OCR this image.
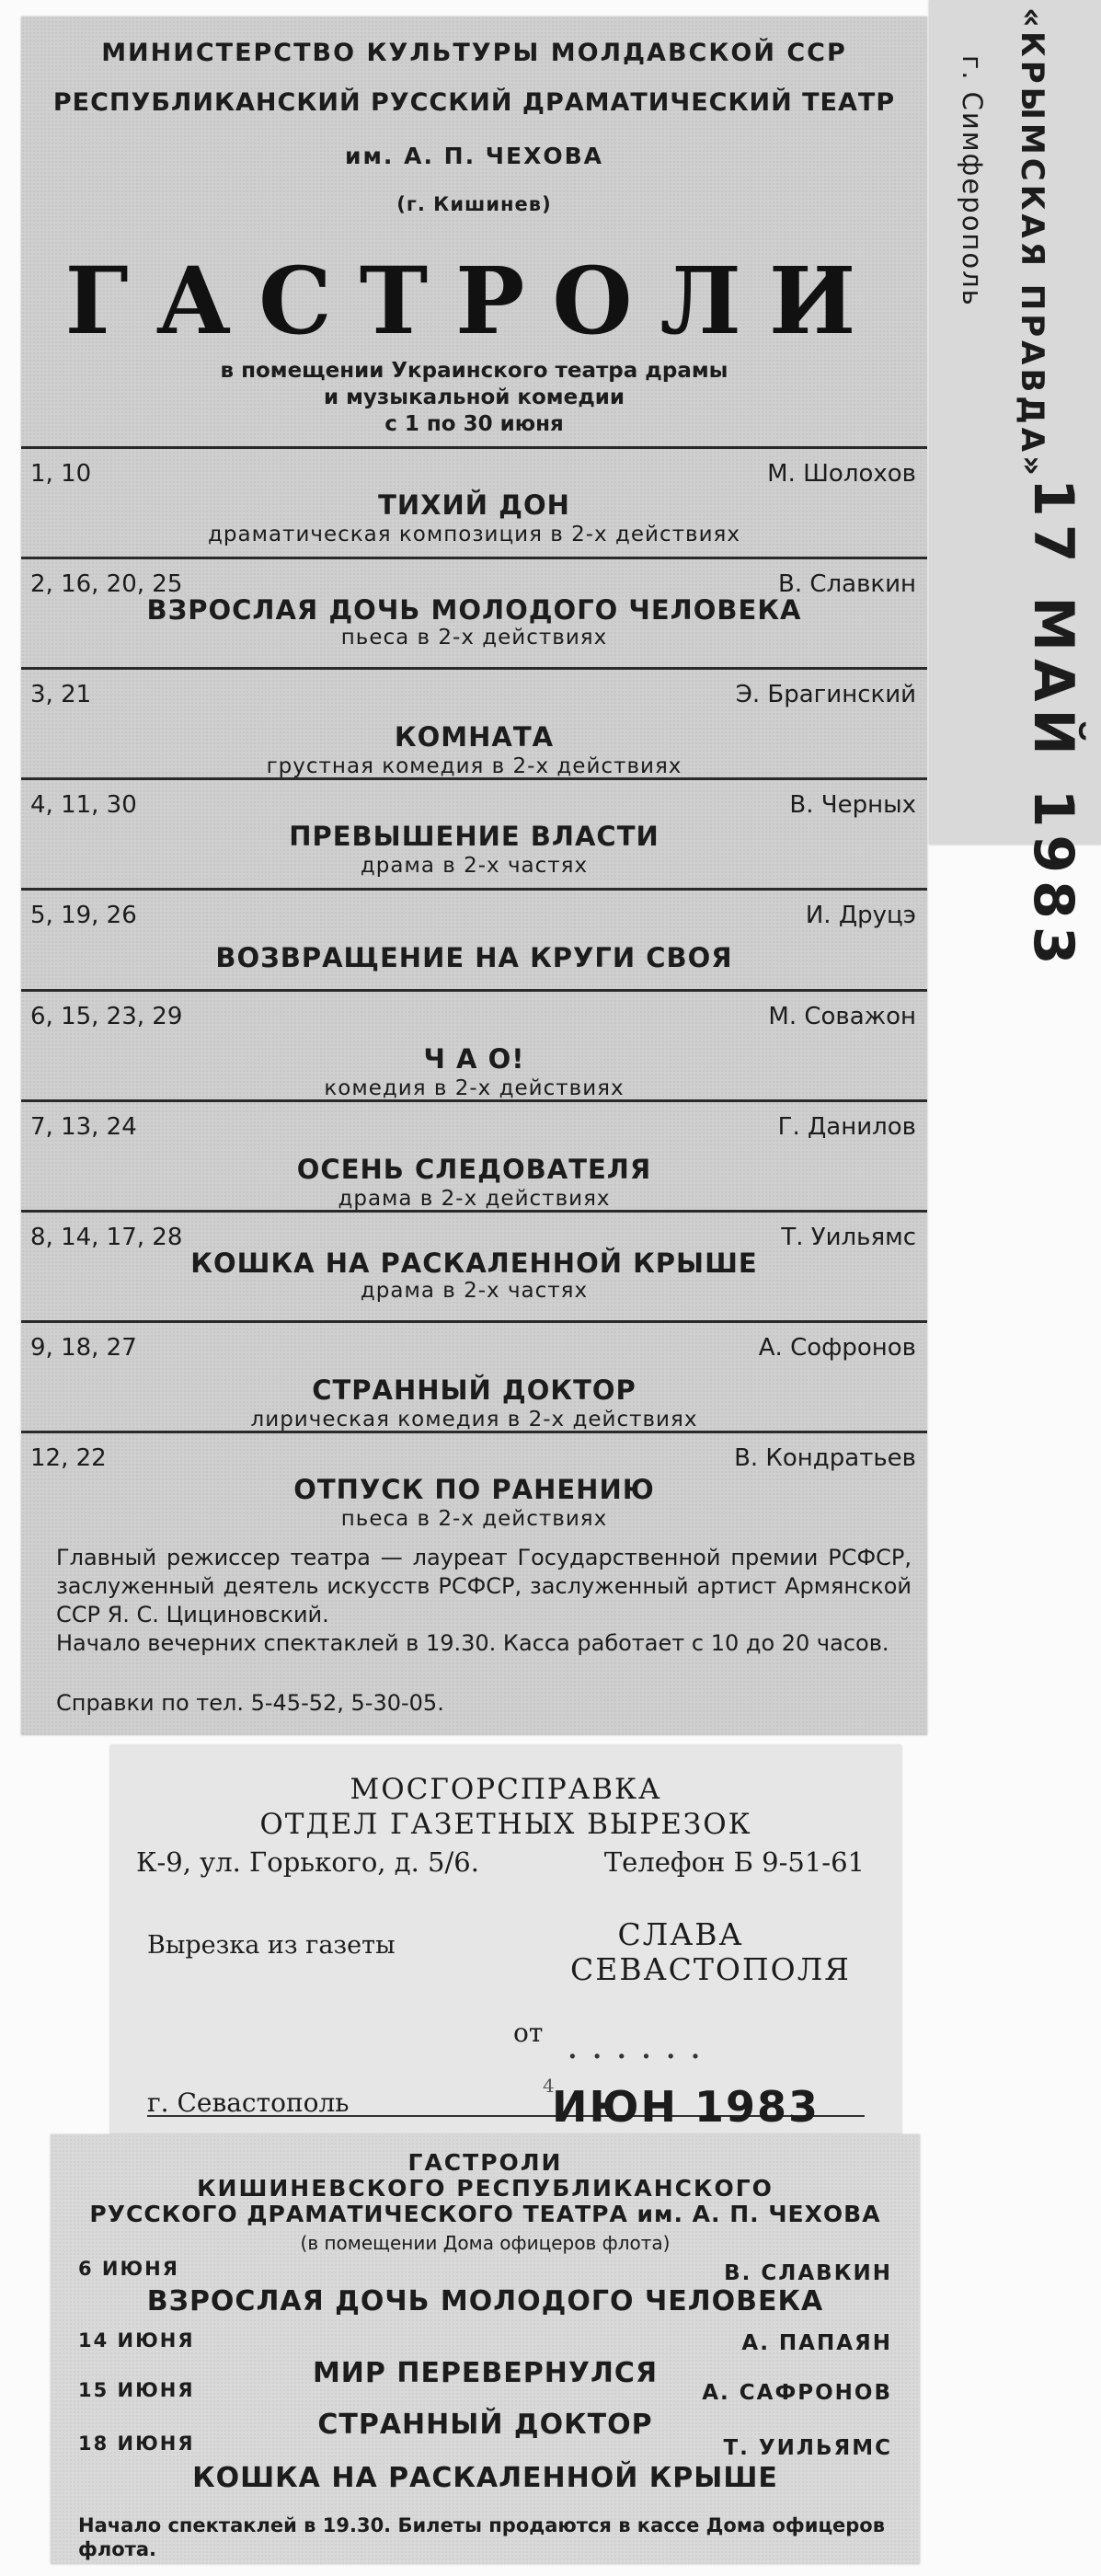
МИНИСТЕРСТВО КУЛЬТУРЫ МОЛДАВСКОЙ ССР
РЕСПУБЛИКАНСКИЙ РУССКИЙ ДРАМАТИЧЕСКИЙ ТЕАТР
им. А. П. ЧЕХОВА
(г. Кишинев)
ГАСТРОЛИ
в помещении Украинского театра драмы
и музыкальной комедии
с 1 по 30 июня
1, 10	М. Шолохов
ТИХИЙ ДОН
драматическая композиция в 2-х действиях
2, 16, 20, 25	В. Славкин
ВЗРОСЛАЯ ДОЧЬ МОЛОДОГО ЧЕЛОВЕКА
пьеса в 2-х действиях
3, 21	Э. Брагинский
КОМНАТА
грустная комедия в 2-х действиях
4, 11, 30	В. Черных
ПРЕВЫШЕНИЕ ВЛАСТИ
драма в 2-х частях
5, 19, 26	И. Друцэ
ВОЗВРАЩЕНИЕ НА КРУГИ СВОЯ
6, 15, 23, 29	М. Соважон
Ч А О!
комедия в 2-х действиях
7, 13, 24	Г. Данилов
ОСЕНЬ СЛЕДОВАТЕЛЯ
драма в 2-х действиях
8, 14, 17, 28	Т. Уильямс
КОШКА НА РАСКАЛЕННОЙ КРЫШЕ
драма в 2-х частях
9, 18, 27	А. Софронов
СТРАННЫЙ ДОКТОР
лирическая комедия в 2-х действиях
12, 22	В. Кондратьев
ОТПУСК ПО РАНЕНИЮ
пьеса в 2-х действиях
Главный режиссер театра — лауреат Государственной премии РСФСР, заслуженный деятель искусств РСФСР, заслуженный артист Армянской ССР Я. С. Цициновский.
Начало вечерних спектаклей в 19.30. Касса работает с 10 до 20 часов.
Справки по тел. 5-45-52, 5-30-05.
«КРЫМСКАЯ ПРАВДА»
г. Симферополь
17 МАЙ 1983
МОСГОРСПРАВКА
ОТДЕЛ ГАЗЕТНЫХ ВЫРЕЗОК
К-9, ул. Горького, д. 5/6.	Телефон Б 9-51-61
Вырезка из газеты	СЛАВА
СЕВАСТОПОЛЯ
от ......
г. Севастополь
4
ИЮН 1983
ГАСТРОЛИ
КИШИНЕВСКОГО РЕСПУБЛИКАНСКОГО
РУССКОГО ДРАМАТИЧЕСКОГО ТЕАТРА им. А. П. ЧЕХОВА
(в помещении Дома офицеров флота)
6 ИЮНЯ	В. СЛАВКИН
ВЗРОСЛАЯ ДОЧЬ МОЛОДОГО ЧЕЛОВЕКА
14 ИЮНЯ	А. ПАПАЯН
МИР ПЕРЕВЕРНУЛСЯ
15 ИЮНЯ	А. САФРОНОВ
СТРАННЫЙ ДОКТОР
18 ИЮНЯ	Т. УИЛЬЯМС
КОШКА НА РАСКАЛЕННОЙ КРЫШЕ
Начало спектаклей в 19.30. Билеты продаются в кассе Дома офицеров флота.
